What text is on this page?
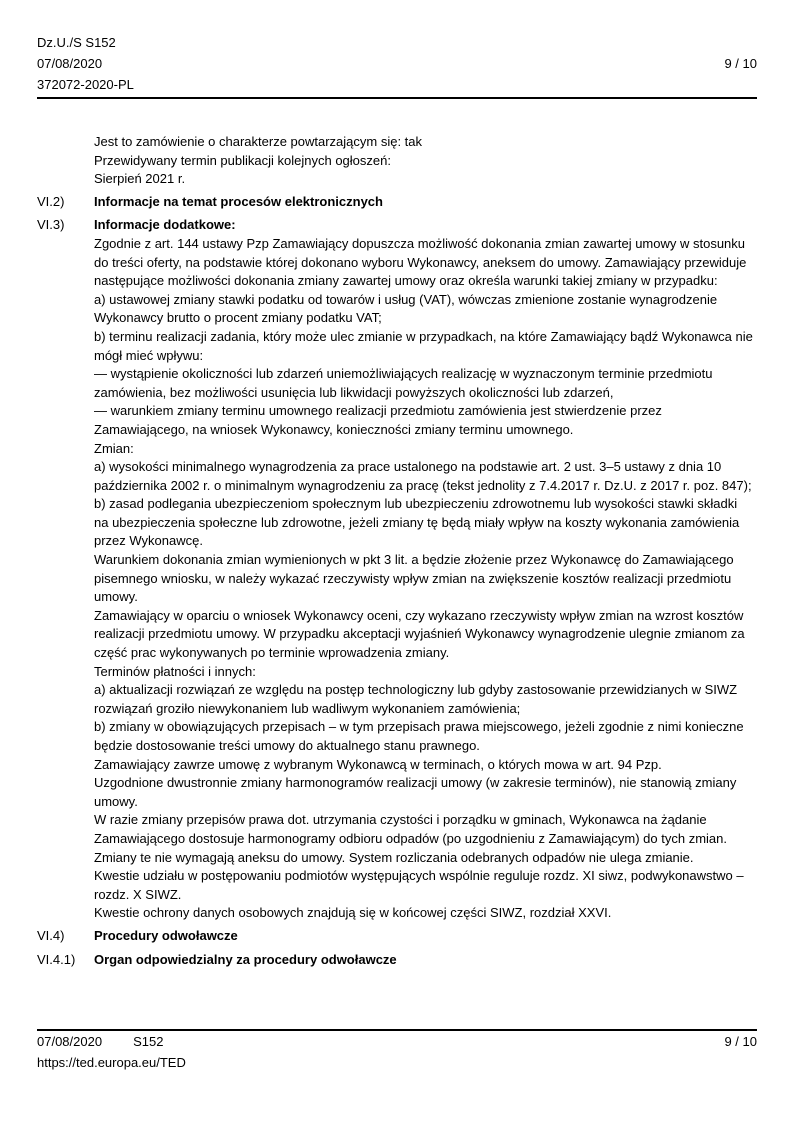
Dz.U./S S152
07/08/2020	9 / 10
372072-2020-PL

Jest to zamówienie o charakterze powtarzającym się: tak

Przewidywany termin publikacji kolejnych ogłoszeń:

Sierpień 2021 r.

VI.2)	Informacje na temat procesów elektronicznych
VI.3)	Informacje dodatkowe:

Zgodnie z art. 144 ustawy Pzp Zamawiający dopuszcza możliwość dokonania zmian zawartej umowy w stosunku do treści oferty, na podstawie której dokonano wyboru Wykonawcy, aneksem do umowy. Zamawiający przewiduje następujące możliwości dokonania zmiany zawartej umowy oraz określa warunki takiej zmiany w przypadku:

a) ustawowej zmiany stawki podatku od towarów i usług (VAT), wówczas zmienione zostanie wynagrodzenie Wykonawcy brutto o procent zmiany podatku VAT;

b) terminu realizacji zadania, który może ulec zmianie w przypadkach, na które Zamawiający bądź Wykonawca nie mógł mieć wpływu:

— wystąpienie okoliczności lub zdarzeń uniemożliwiających realizację w wyznaczonym terminie przedmiotu zamówienia, bez możliwości usunięcia lub likwidacji powyższych okoliczności lub zdarzeń,

— warunkiem zmiany terminu umownego realizacji przedmiotu zamówienia jest stwierdzenie przez Zamawiającego, na wniosek Wykonawcy, konieczności zmiany terminu umownego.

Zmian:

a) wysokości minimalnego wynagrodzenia za prace ustalonego na podstawie art. 2 ust. 3–5 ustawy z dnia 10 października 2002 r. o minimalnym wynagrodzeniu za pracę (tekst jednolity z 7.4.2017 r. Dz.U. z 2017 r. poz. 847);

b) zasad podlegania ubezpieczeniom społecznym lub ubezpieczeniu zdrowotnemu lub wysokości stawki składki na ubezpieczenia społeczne lub zdrowotne, jeżeli zmiany tę będą miały wpływ na koszty wykonania zamówienia przez Wykonawcę.

Warunkiem dokonania zmian wymienionych w pkt 3 lit. a będzie złożenie przez Wykonawcę do Zamawiającego pisemnego wniosku, w należy wykazać rzeczywisty wpływ zmian na zwiększenie kosztów realizacji przedmiotu umowy.

Zamawiający w oparciu o wniosek Wykonawcy oceni, czy wykazano rzeczywisty wpływ zmian na wzrost kosztów realizacji przedmiotu umowy. W przypadku akceptacji wyjaśnień Wykonawcy wynagrodzenie ulegnie zmianom za część prac wykonywanych po terminie wprowadzenia zmiany.

Terminów płatności i innych:

a) aktualizacji rozwiązań ze względu na postęp technologiczny lub gdyby zastosowanie przewidzianych w SIWZ rozwiązań groziło niewykonaniem lub wadliwym wykonaniem zamówienia;

b) zmiany w obowiązujących przepisach – w tym przepisach prawa miejscowego, jeżeli zgodnie z nimi konieczne będzie dostosowanie treści umowy do aktualnego stanu prawnego.

Zamawiający zawrze umowę z wybranym Wykonawcą w terminach, o których mowa w art. 94 Pzp.

Uzgodnione dwustronnie zmiany harmonogramów realizacji umowy (w zakresie terminów), nie stanowią zmiany umowy.

W razie zmiany przepisów prawa dot. utrzymania czystości i porządku w gminach, Wykonawca na żądanie Zamawiającego dostosuje harmonogramy odbioru odpadów (po uzgodnieniu z Zamawiającym) do tych zmian.

Zmiany te nie wymagają aneksu do umowy. System rozliczania odebranych odpadów nie ulega zmianie.

Kwestie udziału w postępowaniu podmiotów występujących wspólnie reguluje rozdz. XI siwz, podwykonawstwo – rozdz. X SIWZ.

Kwestie ochrony danych osobowych znajdują się w końcowej części SIWZ, rozdział XXVI.

VI.4)	Procedury odwoławcze
VI.4.1)	Organ odpowiedzialny za procedury odwoławcze
07/08/2020 S152	9 / 10
https://ted.europa.eu/TED
